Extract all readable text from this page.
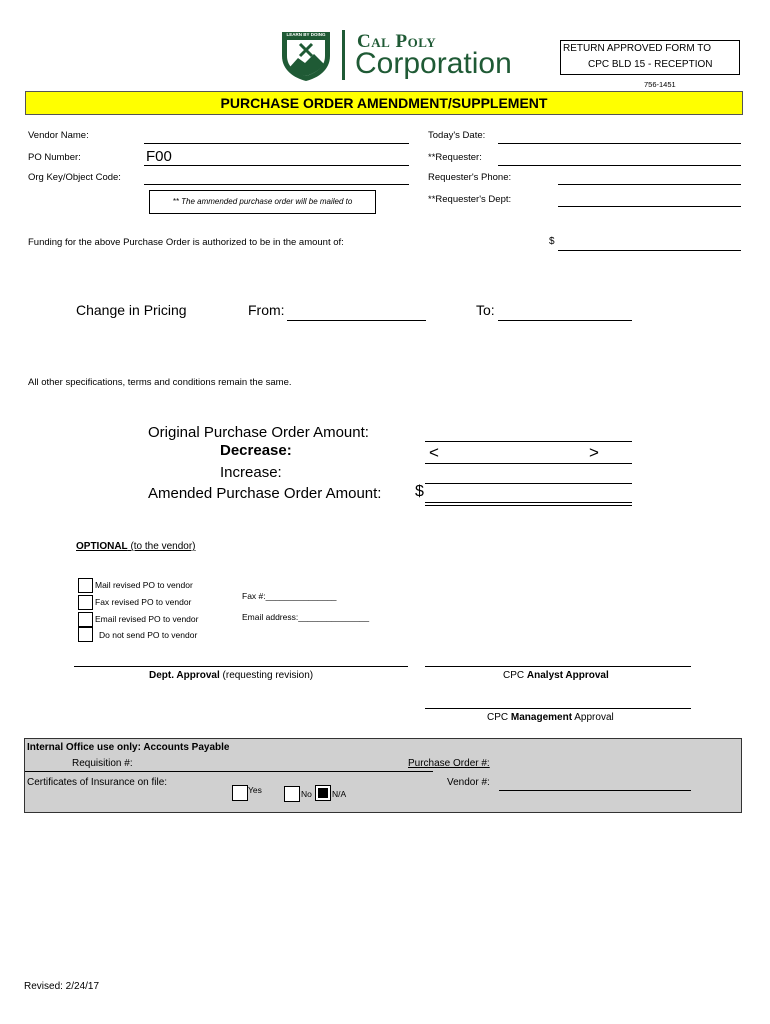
LEARN BY DOING Cal Poly
Corporation	RETURN APPROVED FORM TO
CPC BLD 15 - RECEPTION
756-1451
PURCHASE ORDER AMENDMENT/SUPPLEMENT
Vendor Name:
PO Number:	F00
Org Key/Object Code:
** The ammended purchase order will be mailed to
Today's Date:
**Requester:
Requester's Phone:
**Requester's Dept:
Funding for the above Purchase Order is authorized to be in the amount of:	$
Change in Pricing	From:	To:
All other specifications, terms and conditions remain the same.
Original Purchase Order Amount:
Decrease:	<	>
Increase:
Amended Purchase Order Amount: $
OPTIONAL (to the vendor)
Mail revised PO to vendor
Fax revised PO to vendor
Email revised PO to vendor
Do not send PO to vendor
Fax #:_______________
Email address:_______________
Dept. Approval (requesting revision)	CPC Analyst Approval
CPC Management Approval
Internal Office use only: Accounts Payable
Requisition #:	Purchase Order #:
Certificates of Insurance on file:
Yes	No N/A
Vendor #:
Revised: 2/24/17
